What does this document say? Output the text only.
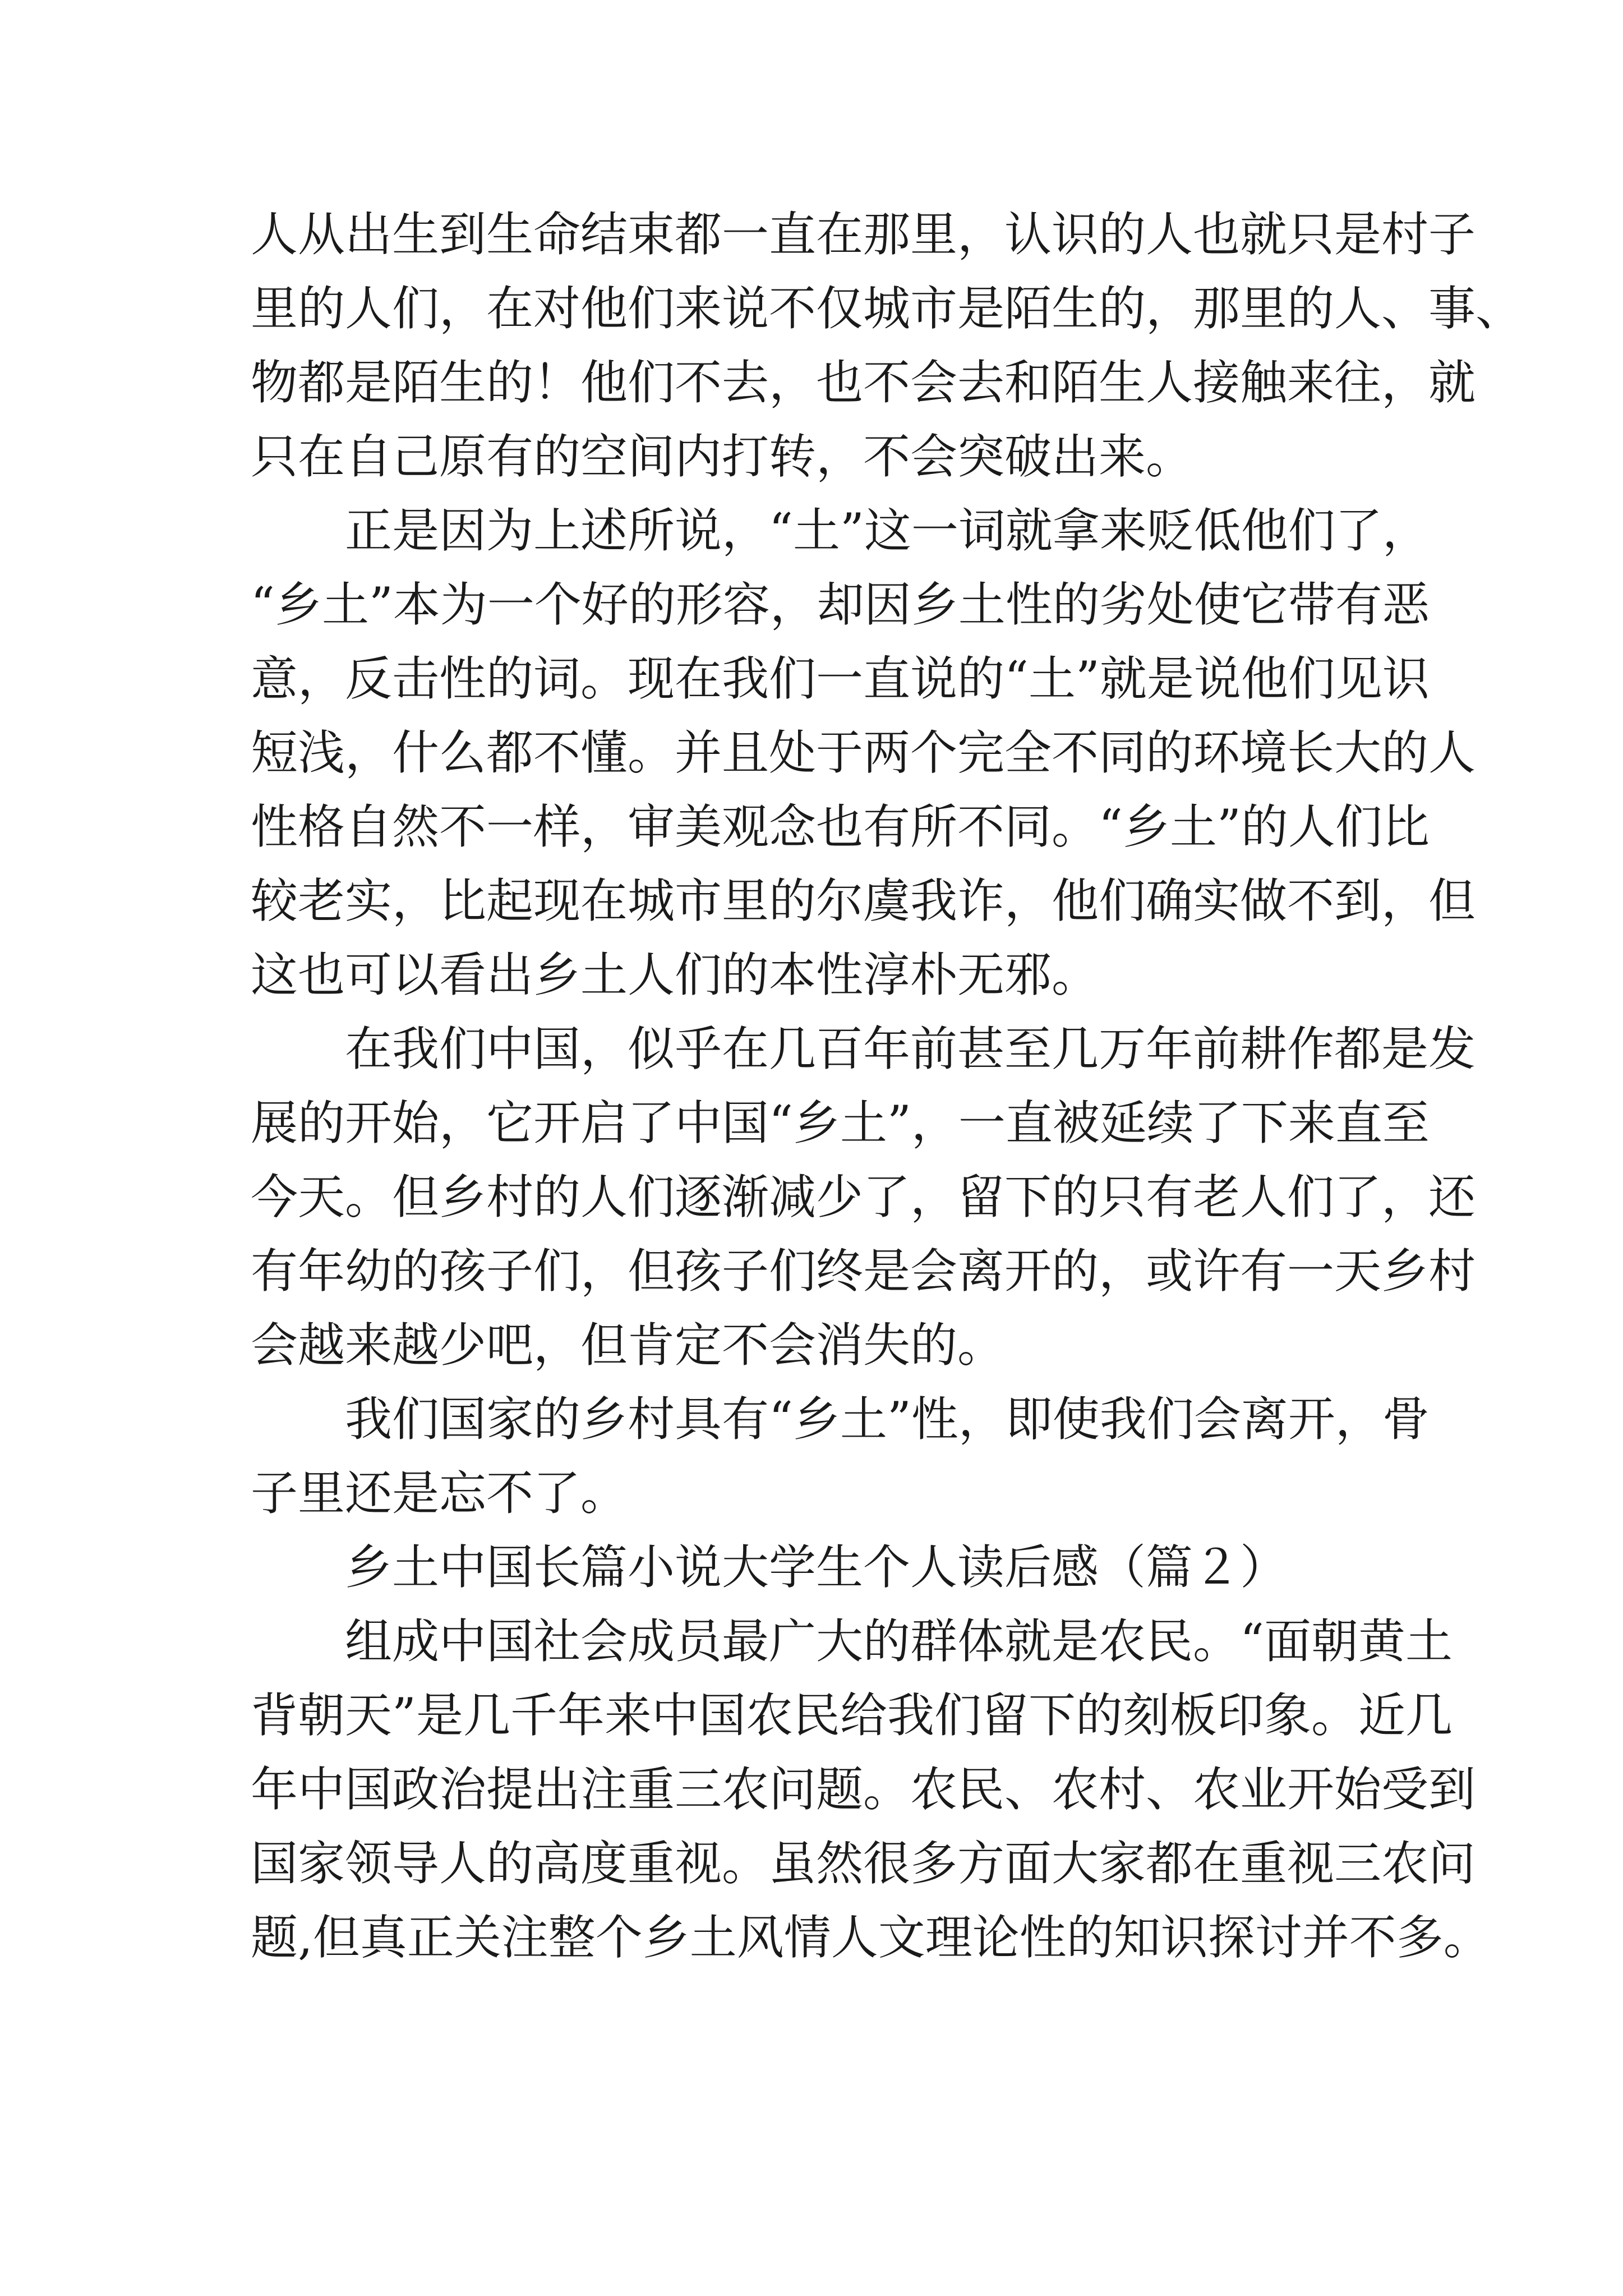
人从出生到生命结束都一直在那里，认识的人也就只是村子
里的人们，在对他们来说不仅城市是陌生的，那里的人、事、
物都是陌生的！他们不去，也不会去和陌生人接触来往，就
只在自己原有的空间内打转，不会突破出来。
正是因为上述所说，“土”这一词就拿来贬低他们了，
“乡土”本为一个好的形容，却因乡土性的劣处使它带有恶
意，反击性的词。现在我们一直说的“土”就是说他们见识
短浅，什么都不懂。并且处于两个完全不同的环境长大的人
性格自然不一样，审美观念也有所不同。“乡土”的人们比
较老实，比起现在城市里的尔虞我诈，他们确实做不到，但
这也可以看出乡土人们的本性淳朴无邪。
在我们中国，似乎在几百年前甚至几万年前耕作都是发
展的开始，它开启了中国“乡土”，一直被延续了下来直至
今天。但乡村的人们逐渐减少了，留下的只有老人们了，还
有年幼的孩子们，但孩子们终是会离开的，或许有一天乡村
会越来越少吧，但肯定不会消失的。
我们国家的乡村具有“乡土”性，即使我们会离开，骨
子里还是忘不了。
乡土中国长篇小说大学生个人读后感（篇２）
组成中国社会成员最广大的群体就是农民。“面朝黄土
背朝天”是几千年来中国农民给我们留下的刻板印象。近几
年中国政治提出注重三农问题。农民、农村、农业开始受到
国家领导人的高度重视。虽然很多方面大家都在重视三农问
题,但真正关注整个乡土风情人文理论性的知识探讨并不多。
